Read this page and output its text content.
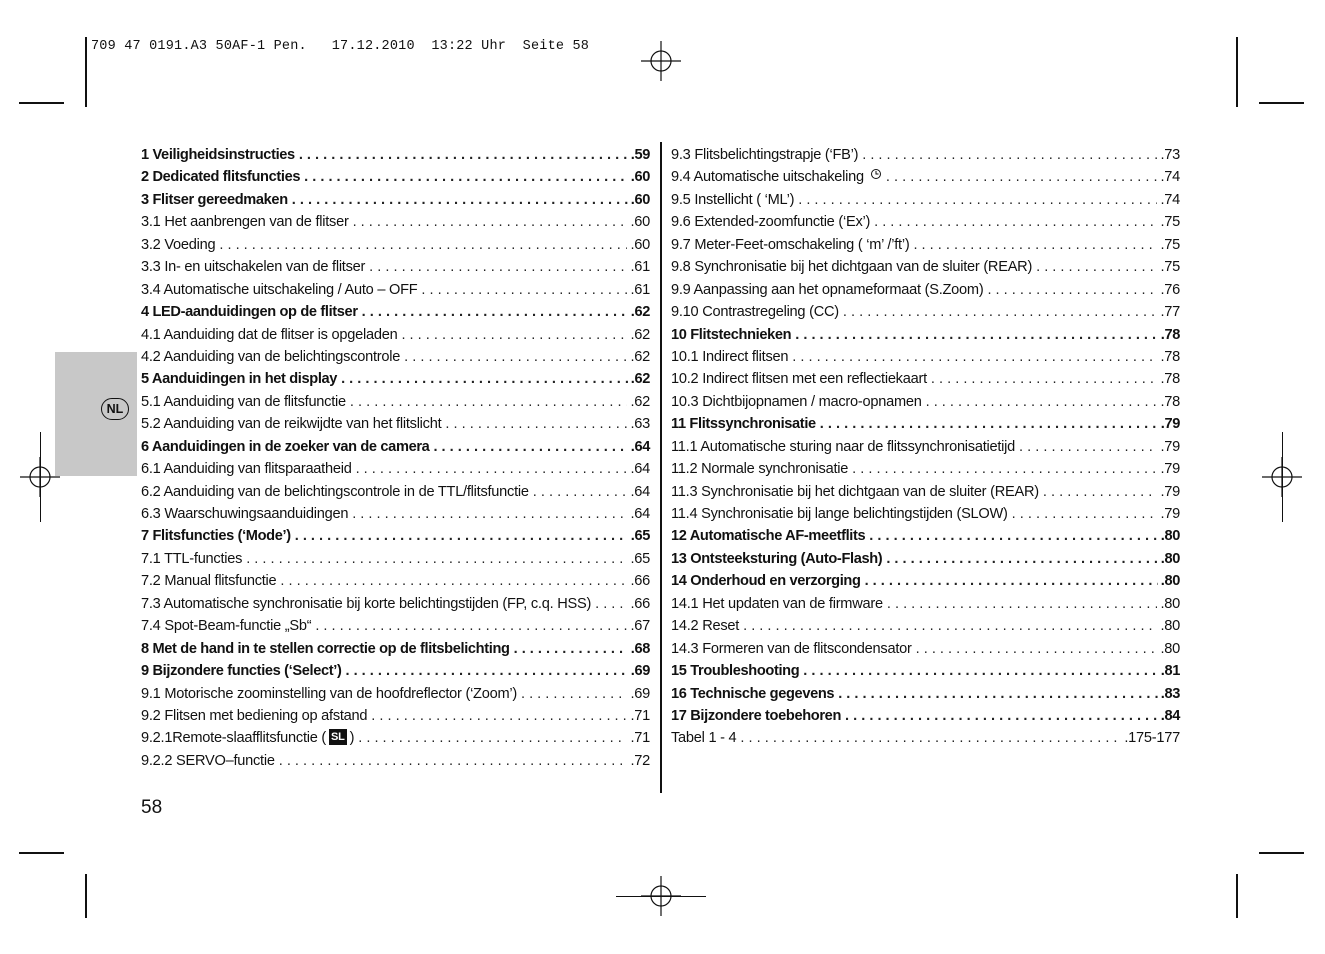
709 47 0191.A3 50AF-1 Pen.   17.12.2010  13:22 Uhr  Seite 58
NL
1 Veiligheidsinstructies . . .	.59
2 Dedicated flitsfuncties . . .	.60
3 Flitser gereedmaken . . .	.60
3.1 Het aanbrengen van de flitser . . .	.60
3.2 Voeding . . .	.60
3.3 In- en uitschakelen van de flitser . . .	.61
3.4 Automatische uitschakeling / Auto – OFF . . .	.61
4 LED-aanduidingen op de flitser . . .	.62
4.1 Aanduiding dat de flitser is opgeladen . . .	.62
4.2 Aanduiding van de belichtingscontrole . . .	.62
5 Aanduidingen in het display . . .	.62
5.1 Aanduiding van de flitsfunctie . . .	.62
5.2 Aanduiding van de reikwijdte van het flitslicht . . .	.63
6 Aanduidingen in de zoeker van de camera . . .	.64
6.1 Aanduiding van flitsparaatheid . . .	.64
6.2 Aanduiding van de belichtingscontrole in de TTL/flitsfunctie . . .	.64
6.3 Waarschuwingsaanduidingen . . .	.64
7 Flitsfuncties (‘Mode’) . . .	.65
7.1 TTL-functies . . .	.65
7.2 Manual flitsfunctie . . .	.66
7.3 Automatische synchronisatie bij korte belichtingstijden (FP, c.q. HSS) . . .	.66
7.4 Spot-Beam-functie „Sb“ . . .	.67
8 Met de hand in te stellen correctie op de flitsbelichting . . .	.68
9 Bijzondere functies (‘Select’) . . .	.69
9.1 Motorische zoominstelling van de hoofdreflector (‘Zoom’) . . .	.69
9.2 Flitsen met bediening op afstand . . .	.71
9.2.1Remote-slaafflitsfunctie ( SL ) . . .	.71
9.2.2 SERVO–functie . . .	.72
9.3 Flitsbelichtingstrapje (‘FB’) . . .	.73
9.4 Automatische uitschakeling . . .	.74
9.5 Instellicht ( ‘ML’) . . .	.74
9.6 Extended-zoomfunctie (‘Ex’) . . .	.75
9.7 Meter-Feet-omschakeling ( ‘m’ /’ft’) . . .	.75
9.8 Synchronisatie bij het dichtgaan van de sluiter (REAR) . . .	.75
9.9 Aanpassing aan het opnameformaat (S.Zoom) . . .	.76
9.10 Contrastregeling (CC) . . .	.77
10 Flitstechnieken . . .	.78
10.1 Indirect flitsen . . .	.78
10.2 Indirect flitsen met een reflectiekaart . . .	.78
10.3 Dichtbijopnamen / macro-opnamen . . .	.78
11 Flitssynchronisatie . . .	.79
11.1 Automatische sturing naar de flitssynchronisatietijd . . .	.79
11.2 Normale synchronisatie . . .	.79
11.3 Synchronisatie bij het dichtgaan van de sluiter (REAR) . . .	.79
11.4 Synchronisatie bij lange belichtingstijden (SLOW) . . .	.79
12 Automatische AF-meetflits . . .	.80
13 Ontsteeksturing (Auto-Flash) . . .	.80
14 Onderhoud en verzorging . . .	.80
14.1 Het updaten van de firmware . . .	.80
14.2 Reset . . .	.80
14.3 Formeren van de flitscondensator . . .	.80
15 Troubleshooting . . .	.81
16 Technische gegevens . . .	.83
17 Bijzondere toebehoren . . .	.84
Tabel 1 - 4 . . .	.175-177
58
